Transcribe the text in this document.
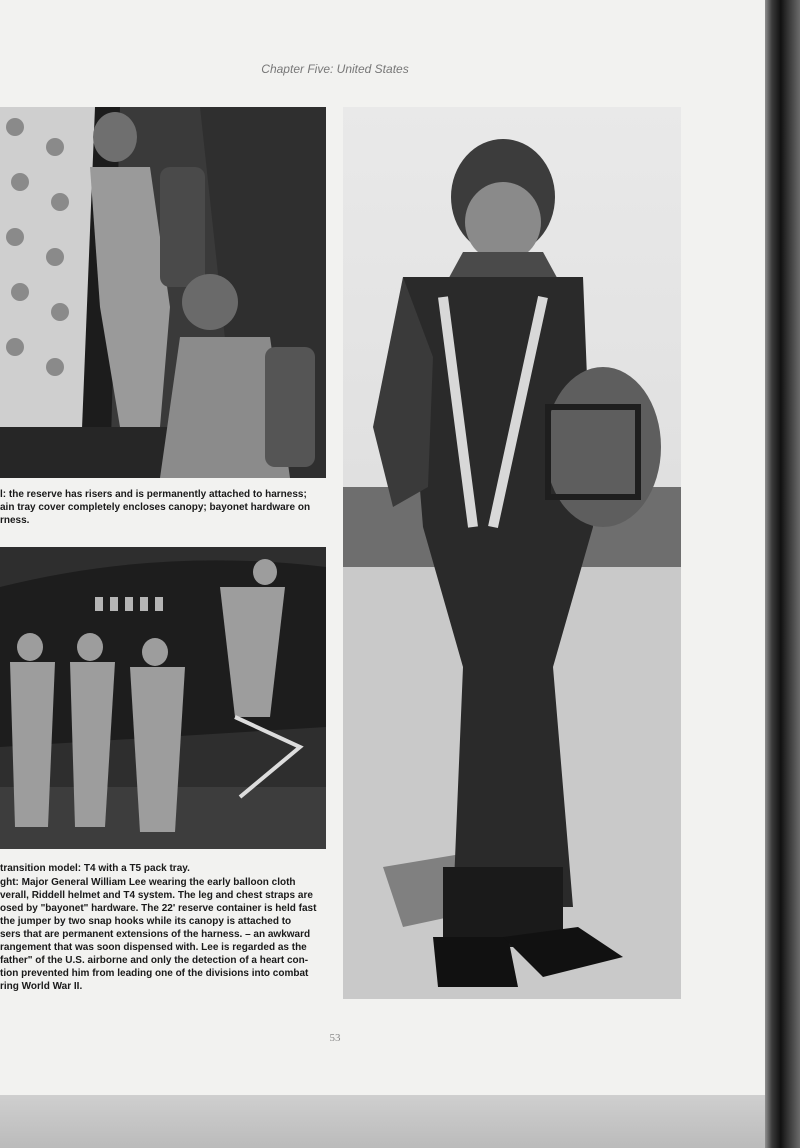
Chapter Five: United States
l: the reserve has risers and is permanently attached to harness;
ain tray cover completely encloses canopy; bayonet hardware on
rness.
transition model: T4 with a T5 pack tray.

ght: Major General William Lee wearing the early balloon cloth

verall, Riddell helmet and T4 system. The leg and chest straps are

osed by "bayonet" hardware. The 22' reserve container is held fast

the jumper by two snap hooks while its canopy is attached to

sers that are permanent extensions of the harness. – an awkward

rangement that was soon dispensed with. Lee is regarded as the

father" of the U.S. airborne and only the detection of a heart con-

tion prevented him from leading one of the divisions into combat

ring World War II.

53
